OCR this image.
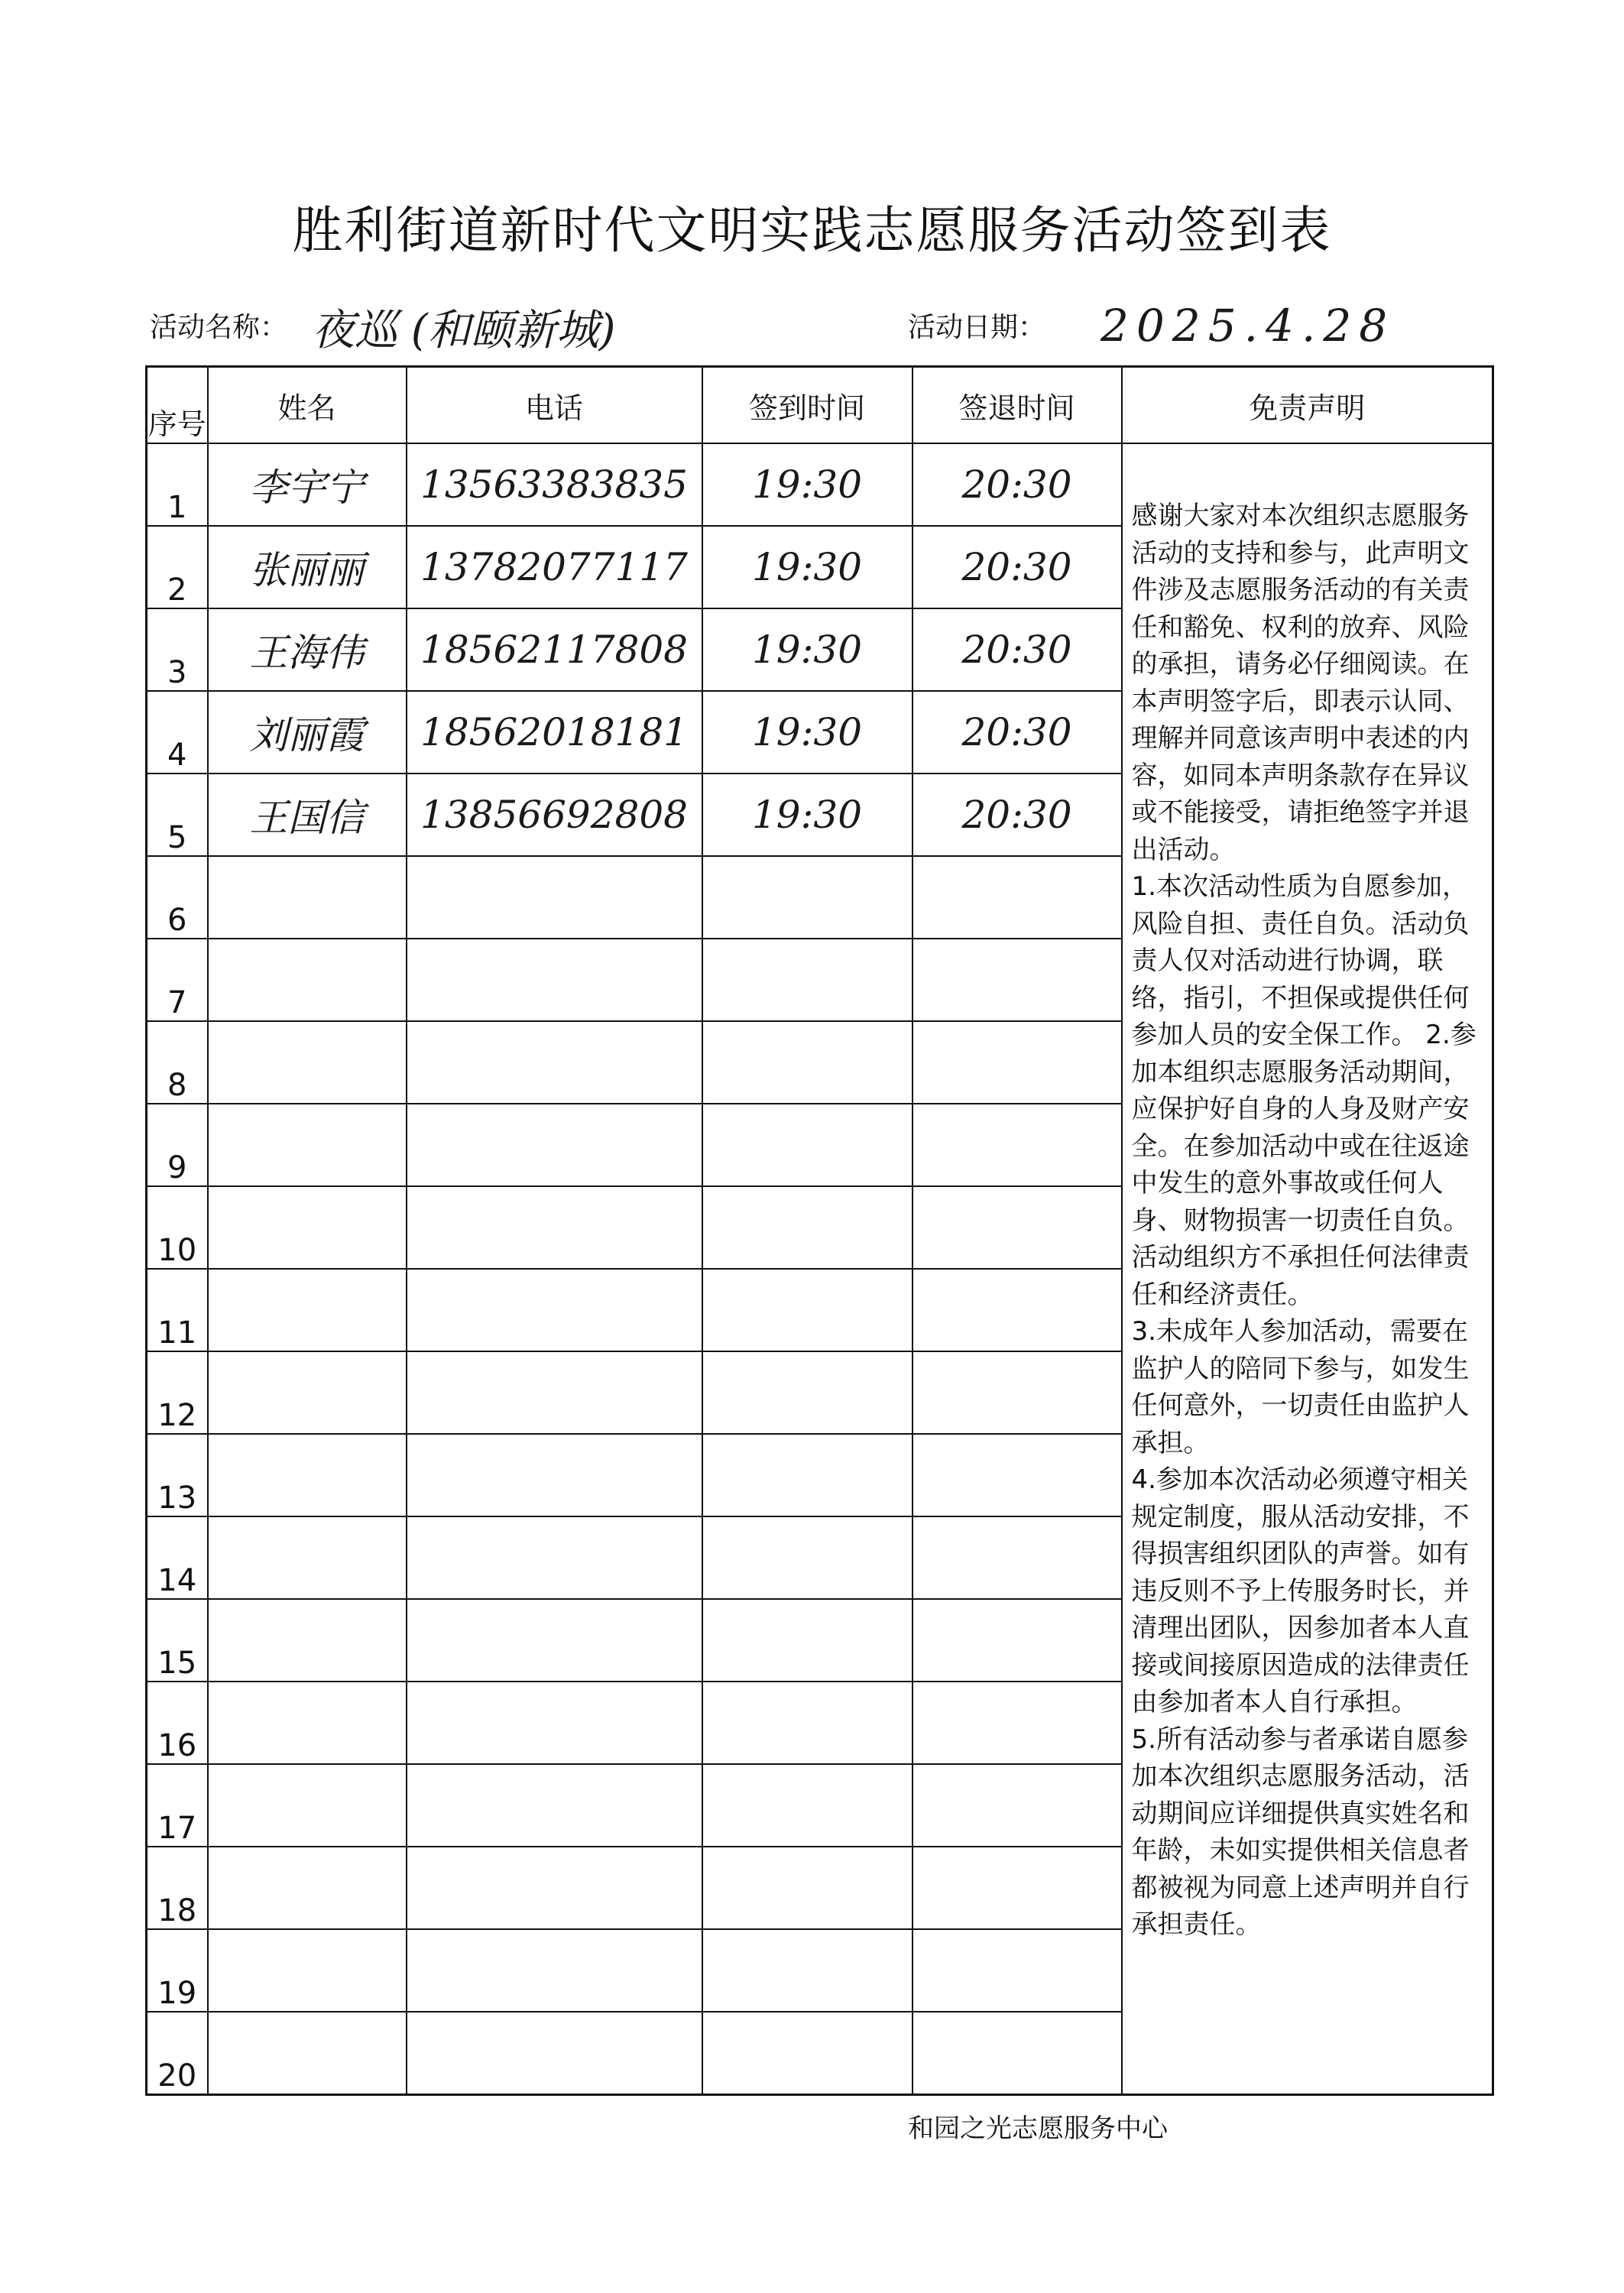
胜利街道新时代文明实践志愿服务活动签到表
活动名称： 夜巡 (和颐新城)	活动日期： 2025.4.28
序号	姓名	电话	签到时间	签退时间	免责声明
1	李宇宁	13563383835	19:30	20:30	感谢大家对本次组织志愿服务活动的支持和参与，此声明文件涉及志愿服务活动的有关责任和豁免、权利的放弃、风险的承担，请务必仔细阅读。在本声明签字后，即表示认同、理解并同意该声明中表述的内容，如同本声明条款存在异议或不能接受，请拒绝签字并退出活动。
1.本次活动性质为自愿参加，风险自担、责任自负。活动负责人仅对活动进行协调，联络，指引，不担保或提供任何参加人员的安全保工作。 2.参加本组织志愿服务活动期间，应保护好自身的人身及财产安全。在参加活动中或在往返途中发生的意外事故或任何人身、财物损害一切责任自负。活动组织方不承担任何法律责任和经济责任。
3.未成年人参加活动，需要在监护人的陪同下参与，如发生任何意外，一切责任由监护人承担。
4.参加本次活动必须遵守相关规定制度，服从活动安排，不得损害组织团队的声誉。如有违反则不予上传服务时长，并清理出团队，因参加者本人直接或间接原因造成的法律责任由参加者本人自行承担。
5.所有活动参与者承诺自愿参加本次组织志愿服务活动，活动期间应详细提供真实姓名和年龄，未如实提供相关信息者都被视为同意上述声明并自行承担责任。

2	张丽丽	13782077117	19:30	20:30	
3	王海伟	18562117808	19:30	20:30	
4	刘丽霞	18562018181	19:30	20:30	
5	王国信	13856692808	19:30	20:30	
6					
7					
8					
9					
10					
11					
12					
13					
14					
15					
16					
17					
18					
19					
20					
和园之光志愿服务中心
